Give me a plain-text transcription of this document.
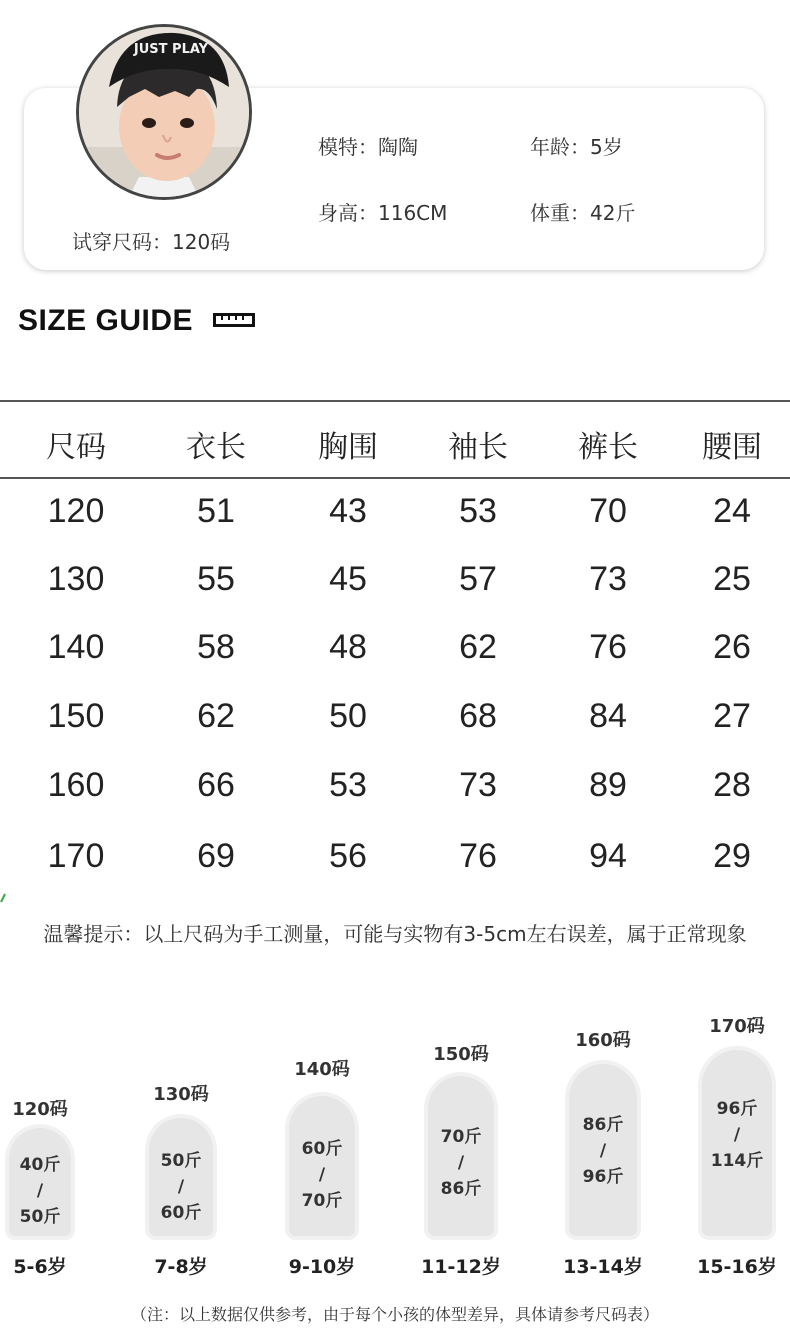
JUST PLAY
试穿尺码：120码
模特：陶陶	年龄：5岁
身高：116CM	体重：42斤
SIZE GUIDE
尺码	衣长 胸围 袖长 裤长 腰围
120	51	43	53	70	24
130	55	45	57	73	25
140	58	48	62	76	26
150	62	50	68	84	27
160	66	53	73	89	28
170	69	56	76	94	29
温馨提示：以上尺码为手工测量，可能与实物有3-5cm左右误差，属于正常现象
120码
40斤
/
50斤
5-6岁
130码
50斤
/
60斤
7-8岁
140码
60斤
/
70斤
9-10岁
150码
70斤
/
86斤
11-12岁
160码
86斤
/
96斤
13-14岁
170码
96斤
/
114斤
15-16岁
（注：以上数据仅供参考，由于每个小孩的体型差异，具体请参考尺码表）
